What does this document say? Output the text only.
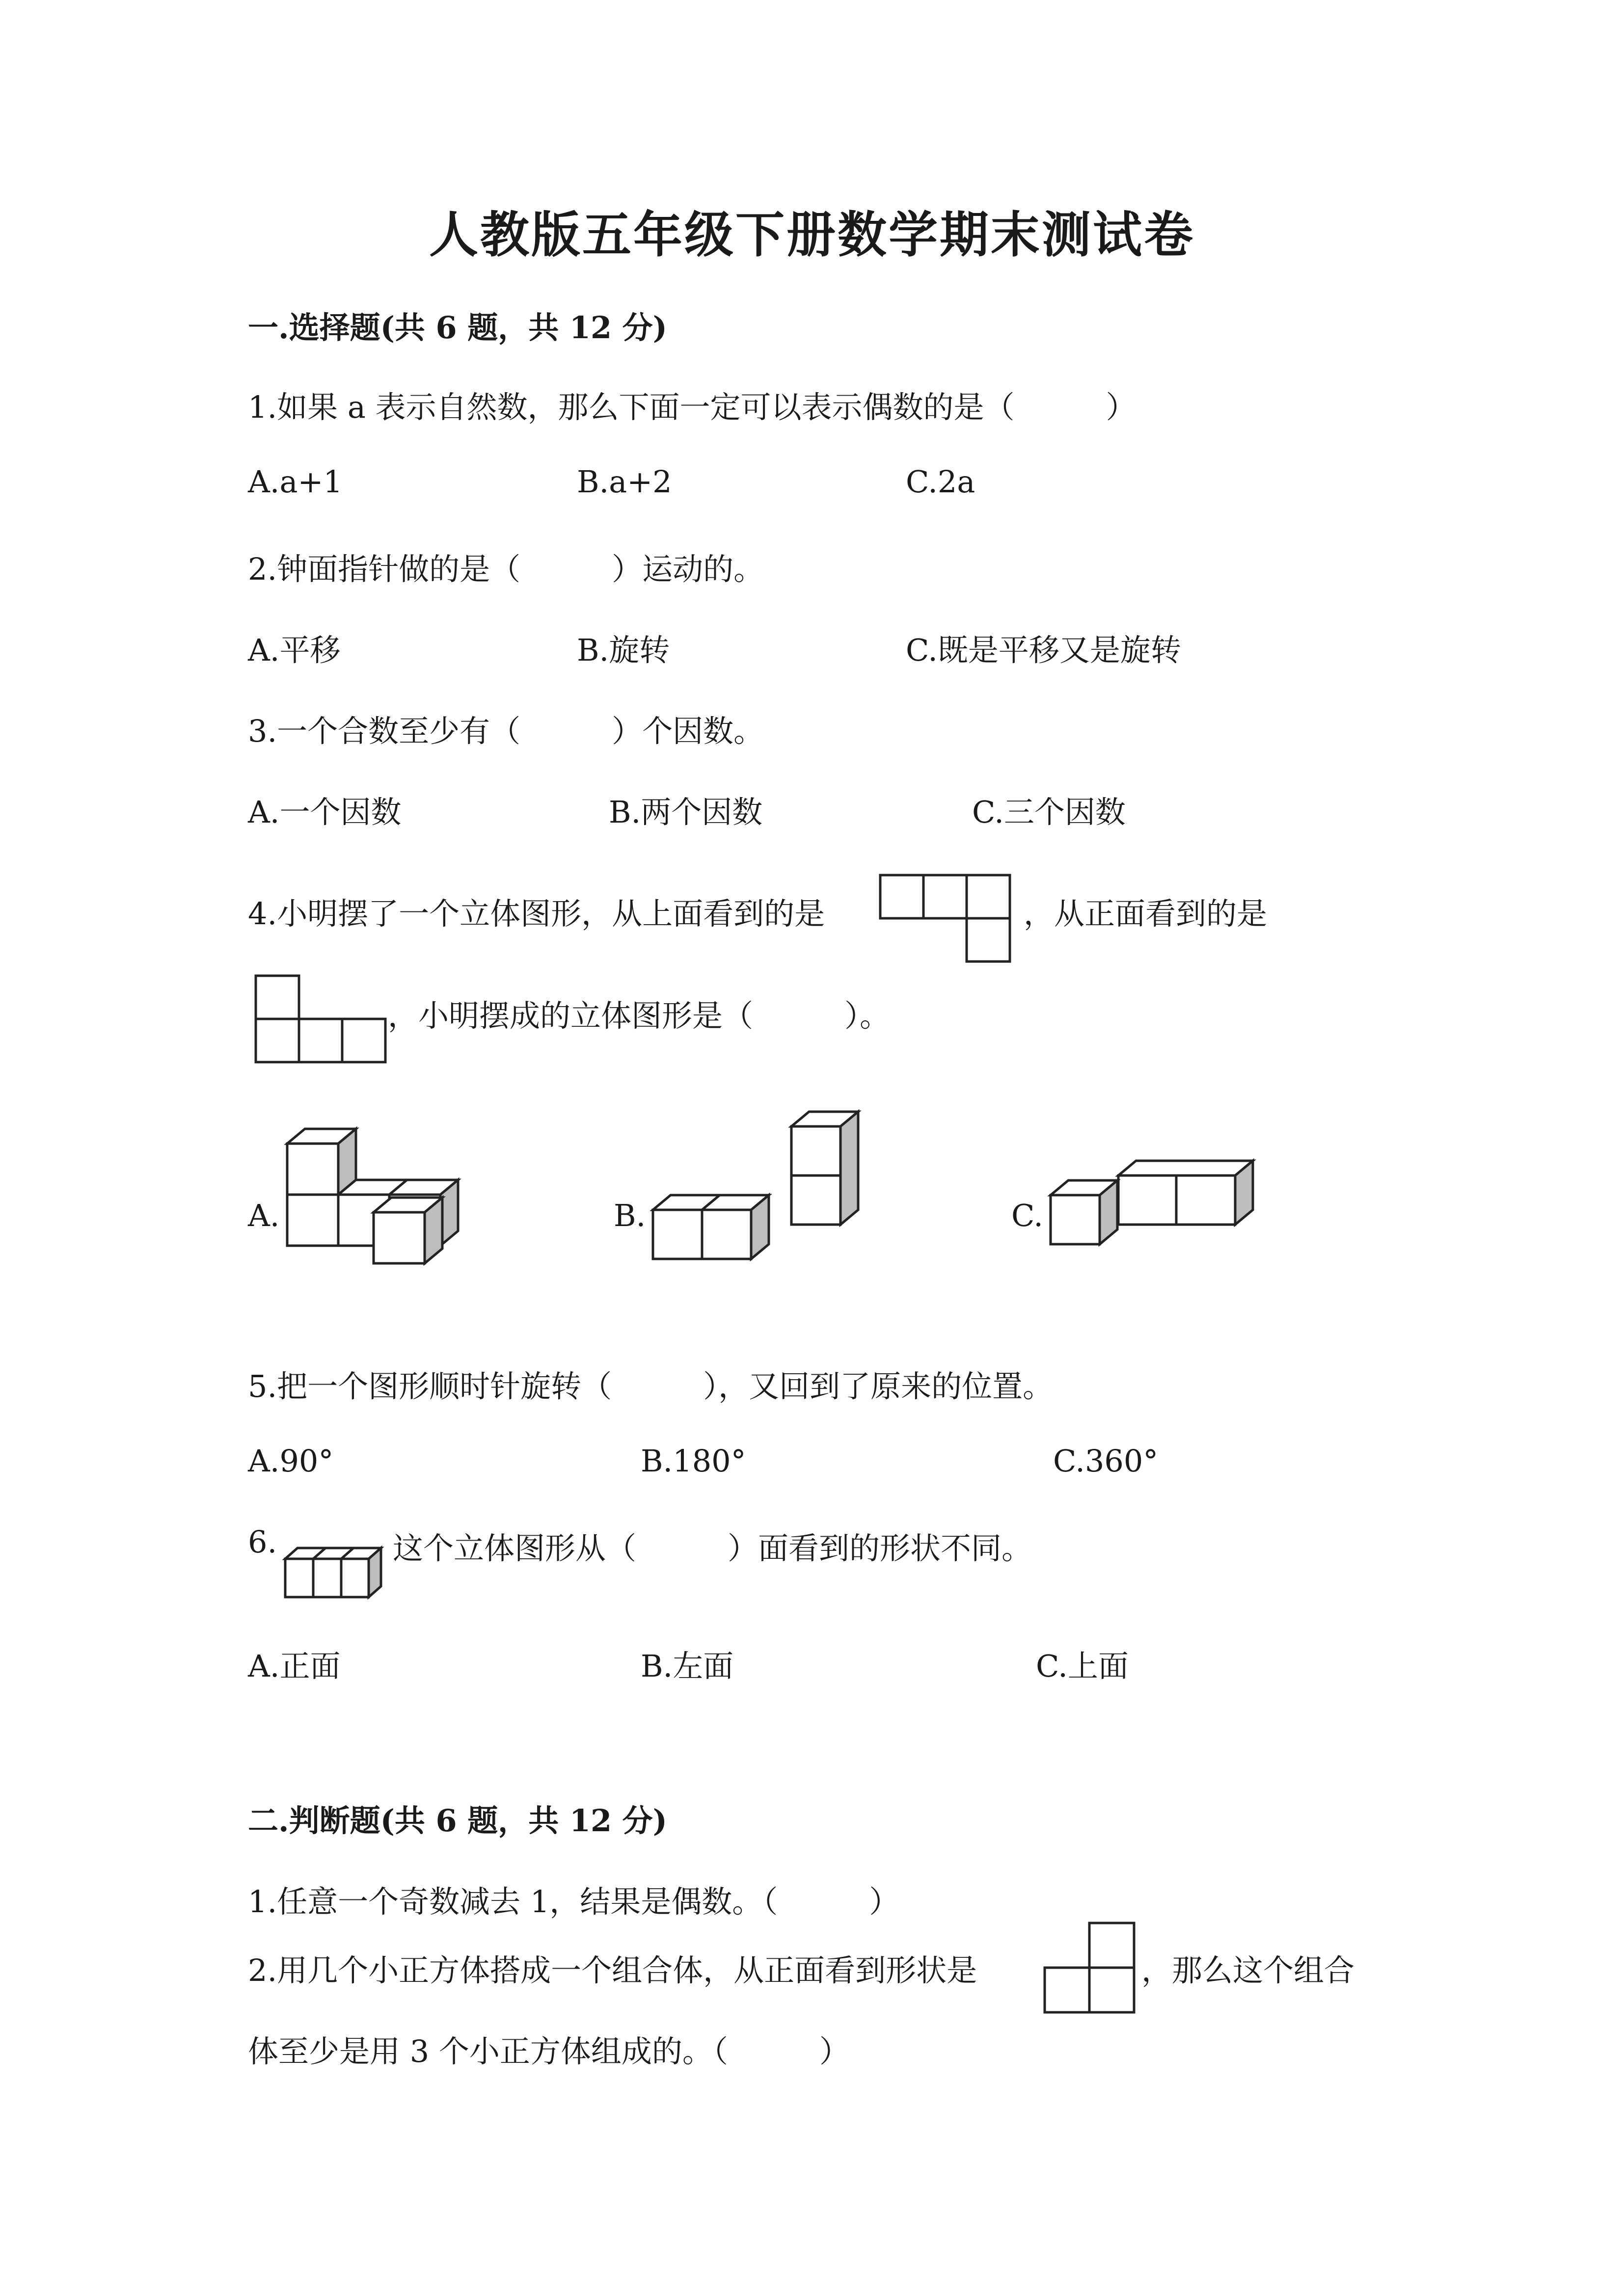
人教版五年级下册数学期末测试卷
一.选择题(共 6 题，共 12 分)
1.如果 a 表示自然数，那么下面一定可以表示偶数的是（　　　）
A.a+1	B.a+2	C.2a
2.钟面指针做的是（　　　）运动的。
A.平移	B.旋转	C.既是平移又是旋转
3.一个合数至少有（　　　）个因数。
A.一个因数	B.两个因数	C.三个因数
4.小明摆了一个立体图形，从上面看到的是	，从正面看到的是
，小明摆成的立体图形是（　　　）。
A.	B.	C.
5.把一个图形顺时针旋转（　　　），又回到了原来的位置。
A.90°	B.180°	C.360°
6.	这个立体图形从（　　　）面看到的形状不同。
A.正面	B.左面	C.上面
二.判断题(共 6 题，共 12 分)
1.任意一个奇数减去 1，结果是偶数。（　　　）
2.用几个小正方体搭成一个组合体，从正面看到形状是	，那么这个组合
体至少是用 3 个小正方体组成的。（　　　）
